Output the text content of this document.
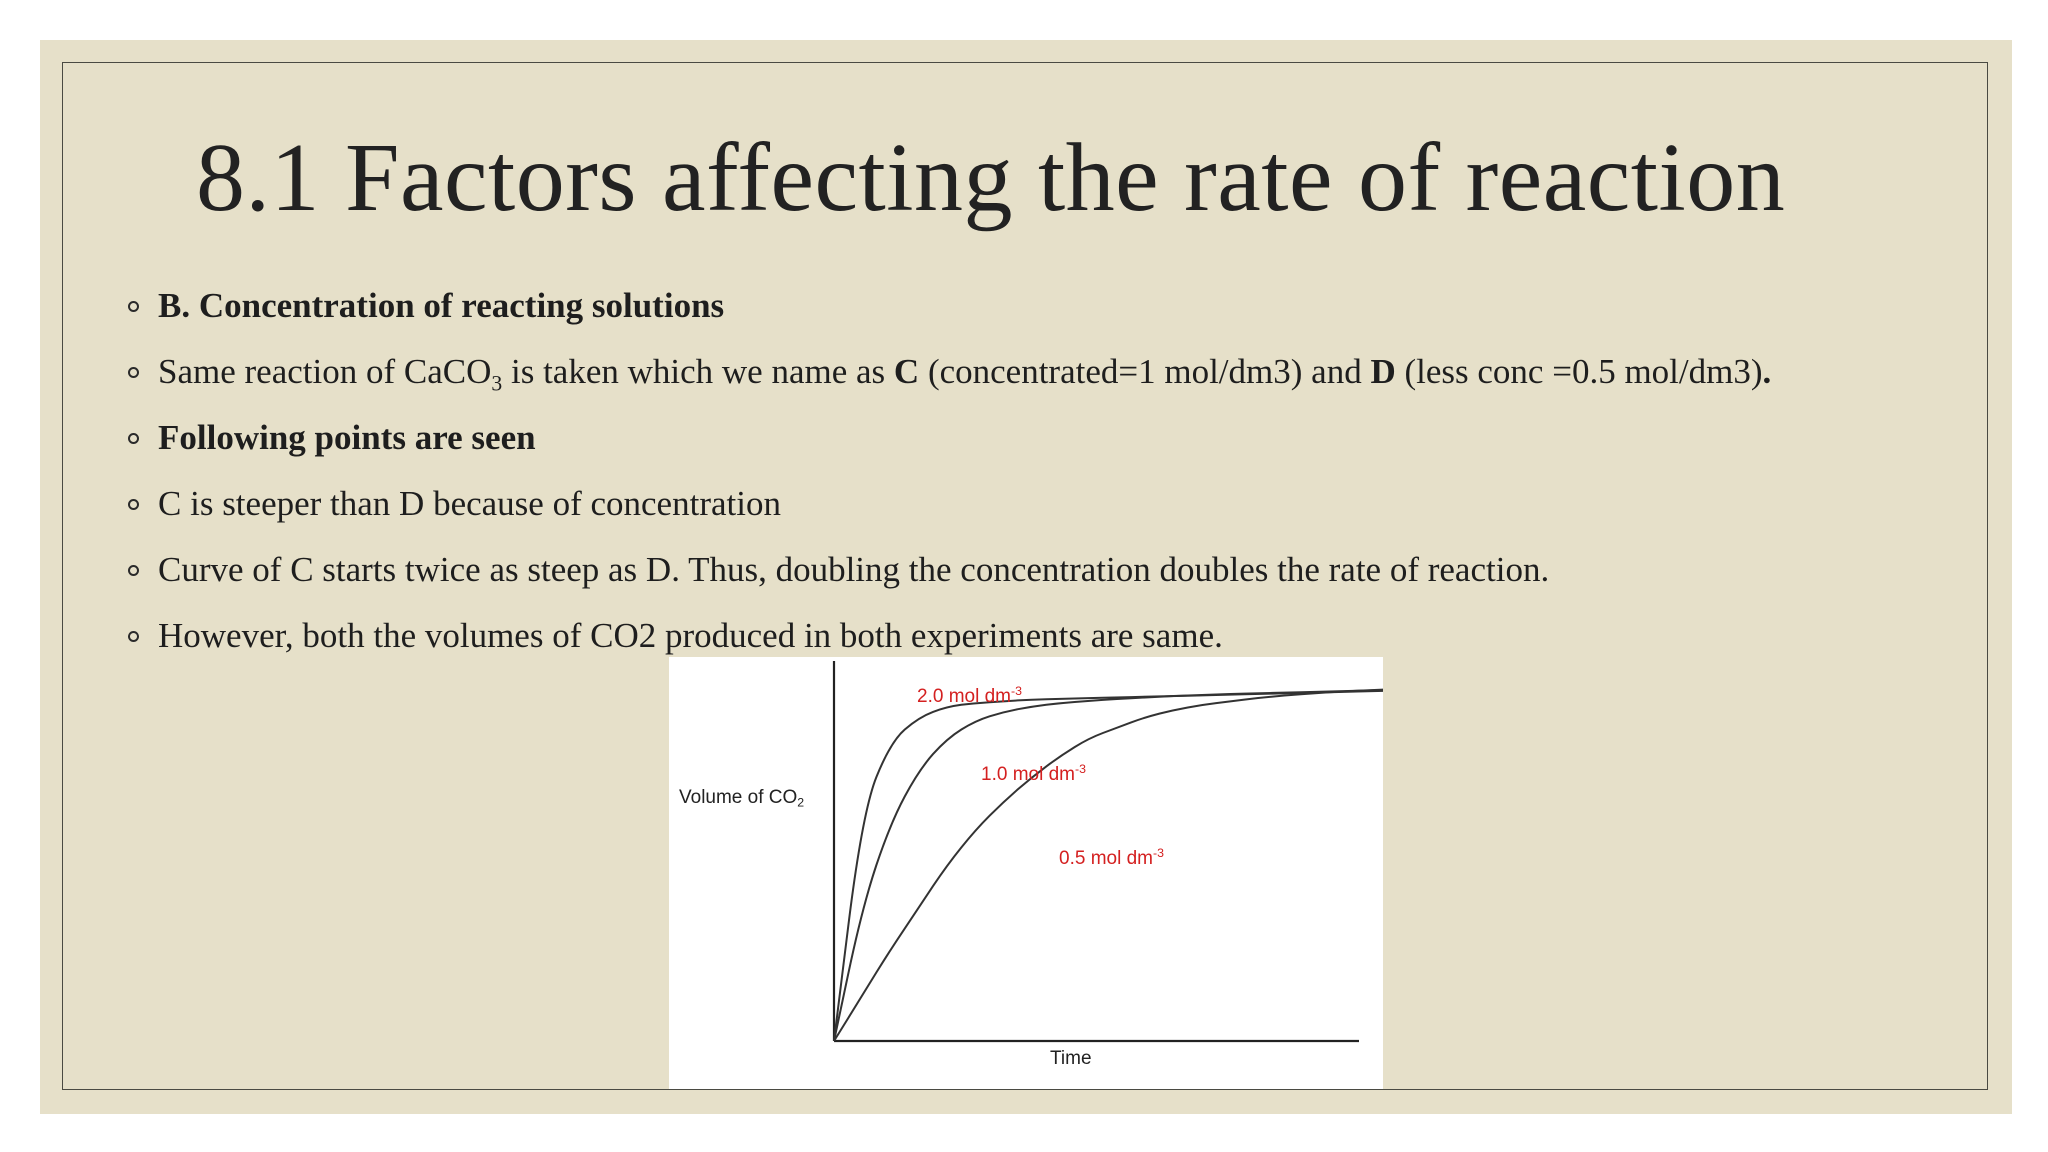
8.1 Factors affecting the rate of reaction
B. Concentration of reacting solutions
Same reaction of CaCO$_3$ is taken which we name as C (concentrated=1 mol/dm3) and D (less conc =0.5 mol/dm3).
Following points are seen
C is steeper than D because of concentration
Curve of C starts twice as steep as D. Thus, doubling the concentration doubles the rate of reaction.
However, both the volumes of CO2 produced in both experiments are same.
Volume of $CO_2$
Time
2.0 mol $dm^{-3}$
1.0 mol $dm^{-3}$
0.5 mol $dm^{-3}$
